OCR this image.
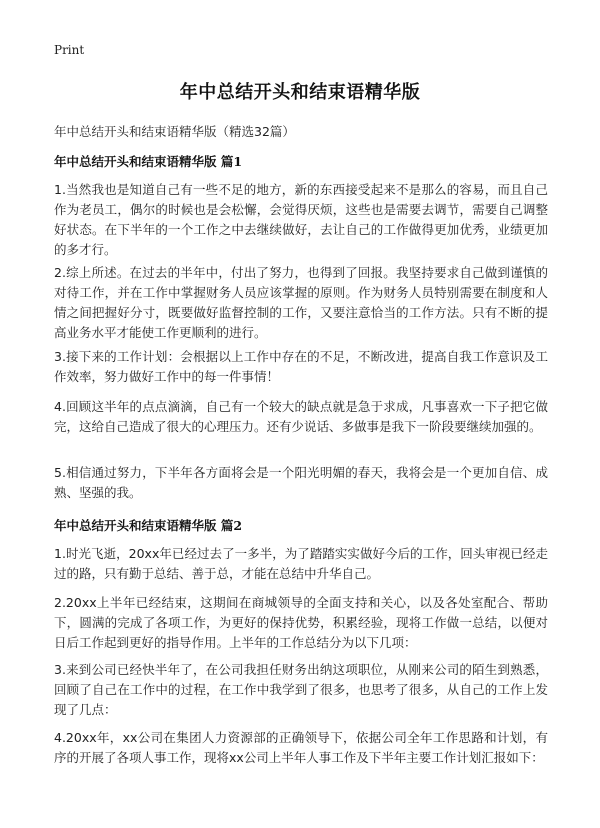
Print
年中总结开头和结束语精华版
年中总结开头和结束语精华版（精选32篇）
年中总结开头和结束语精华版 篇1
1.当然我也是知道自己有一些不足的地方，新的东西接受起来不是那么的容易，而且自己作为老员工，偶尔的时候也是会松懈，会觉得厌烦，这些也是需要去调节，需要自己调整好状态。在下半年的一个工作之中去继续做好，去让自己的工作做得更加优秀，业绩更加的多才行。
2.综上所述。在过去的半年中，付出了努力，也得到了回报。我坚持要求自己做到谨慎的对待工作，并在工作中掌握财务人员应该掌握的原则。作为财务人员特别需要在制度和人情之间把握好分寸，既要做好监督控制的工作，又要注意恰当的工作方法。只有不断的提高业务水平才能使工作更顺利的进行。
3.接下来的工作计划：会根据以上工作中存在的不足，不断改进，提高自我工作意识及工作效率，努力做好工作中的每一件事情！
4.回顾这半年的点点滴滴，自己有一个较大的缺点就是急于求成，凡事喜欢一下子把它做完，这给自己造成了很大的心理压力。还有少说话、多做事是我下一阶段要继续加强的。
5.相信通过努力，下半年各方面将会是一个阳光明媚的春天，我将会是一个更加自信、成熟、坚强的我。
年中总结开头和结束语精华版 篇2
1.时光飞逝，20xx年已经过去了一多半，为了踏踏实实做好今后的工作，回头审视已经走过的路，只有勤于总结、善于总，才能在总结中升华自己。
2.20xx上半年已经结束，这期间在商城领导的全面支持和关心，以及各处室配合、帮助下，圆满的完成了各项工作，为更好的保持优势，积累经验，现将工作做一总结，以便对日后工作起到更好的指导作用。上半年的工作总结分为以下几项：
3.来到公司已经快半年了，在公司我担任财务出纳这项职位，从刚来公司的陌生到熟悉，回顾了自己在工作中的过程，在工作中我学到了很多，也思考了很多，从自己的工作上发现了几点：
4.20xx年，xx公司在集团人力资源部的正确领导下，依据公司全年工作思路和计划，有序的开展了各项人事工作，现将xx公司上半年人事工作及下半年主要工作计划汇报如下：
